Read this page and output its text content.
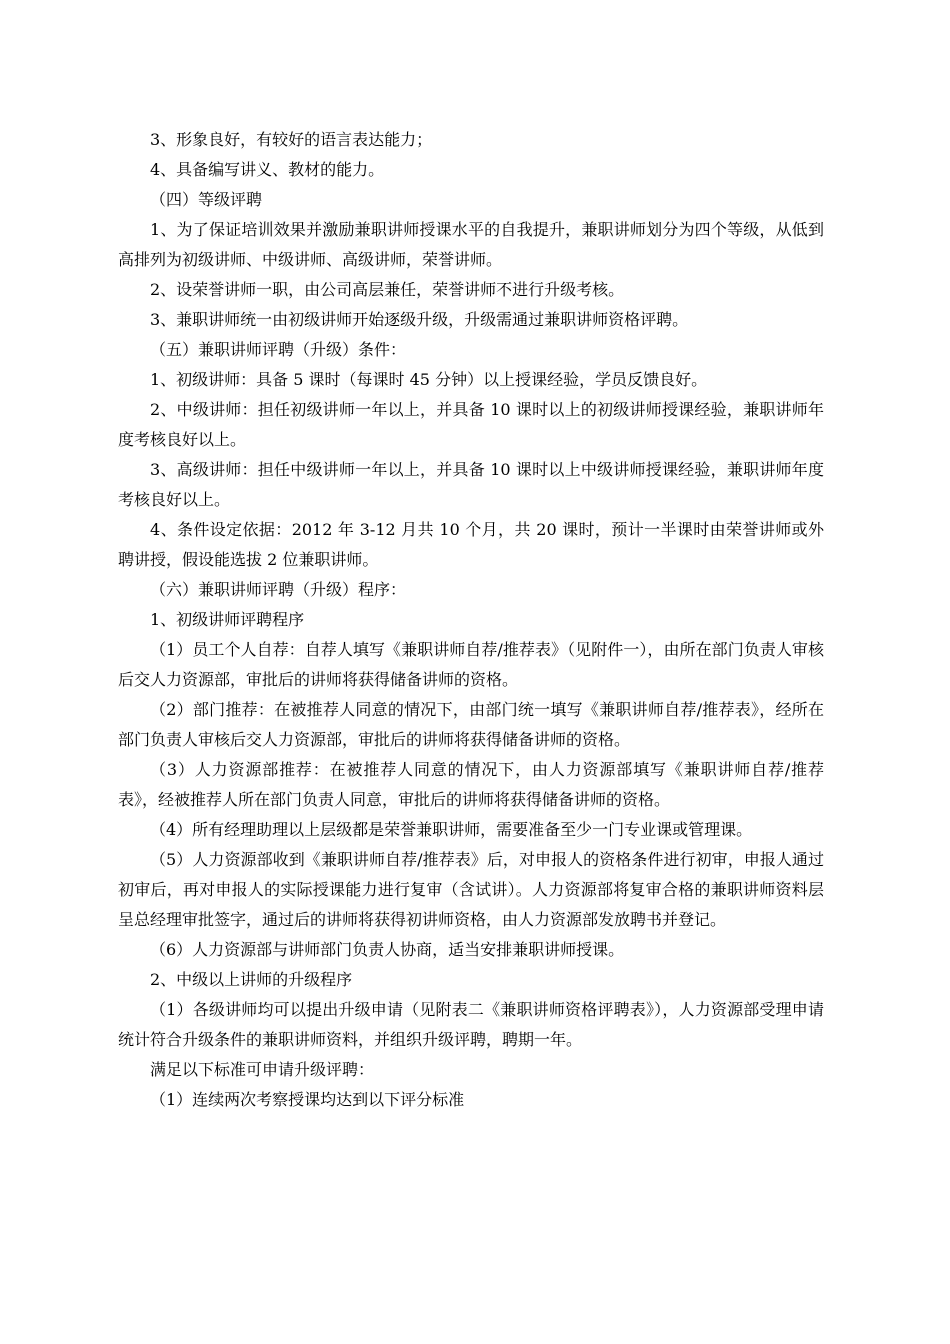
3、形象良好，有较好的语言表达能力；

4、具备编写讲义、教材的能力。

（四）等级评聘

1、为了保证培训效果并激励兼职讲师授课水平的自我提升，兼职讲师划分为四个等级，从低到高排列为初级讲师、中级讲师、高级讲师，荣誉讲师。

2、设荣誉讲师一职，由公司高层兼任，荣誉讲师不进行升级考核。

3、兼职讲师统一由初级讲师开始逐级升级，升级需通过兼职讲师资格评聘。

（五）兼职讲师评聘（升级）条件：

1、初级讲师：具备 5 课时（每课时 45 分钟）以上授课经验，学员反馈良好。

2、中级讲师：担任初级讲师一年以上，并具备 10 课时以上的初级讲师授课经验，兼职讲师年度考核良好以上。

3、高级讲师：担任中级讲师一年以上，并具备 10 课时以上中级讲师授课经验，兼职讲师年度考核良好以上。

4、条件设定依据：2012 年 3-12 月共 10 个月，共 20 课时，预计一半课时由荣誉讲师或外聘讲授，假设能选拔 2 位兼职讲师。

（六）兼职讲师评聘（升级）程序：

1、初级讲师评聘程序

（1）员工个人自荐：自荐人填写《兼职讲师自荐/推荐表》（见附件一），由所在部门负责人审核后交人力资源部，审批后的讲师将获得储备讲师的资格。

（2）部门推荐：在被推荐人同意的情况下，由部门统一填写《兼职讲师自荐/推荐表》，经所在部门负责人审核后交人力资源部，审批后的讲师将获得储备讲师的资格。

（3）人力资源部推荐：在被推荐人同意的情况下，由人力资源部填写《兼职讲师自荐/推荐表》，经被推荐人所在部门负责人同意，审批后的讲师将获得储备讲师的资格。

（4）所有经理助理以上层级都是荣誉兼职讲师，需要准备至少一门专业课或管理课。

（5）人力资源部收到《兼职讲师自荐/推荐表》后，对申报人的资格条件进行初审，申报人通过初审后，再对申报人的实际授课能力进行复审（含试讲）。人力资源部将复审合格的兼职讲师资料层呈总经理审批签字，通过后的讲师将获得初讲师资格，由人力资源部发放聘书并登记。

（6）人力资源部与讲师部门负责人协商，适当安排兼职讲师授课。

2、中级以上讲师的升级程序

（1）各级讲师均可以提出升级申请（见附表二《兼职讲师资格评聘表》），人力资源部受理申请统计符合升级条件的兼职讲师资料，并组织升级评聘，聘期一年。

满足以下标准可申请升级评聘：

（1）连续两次考察授课均达到以下评分标准
